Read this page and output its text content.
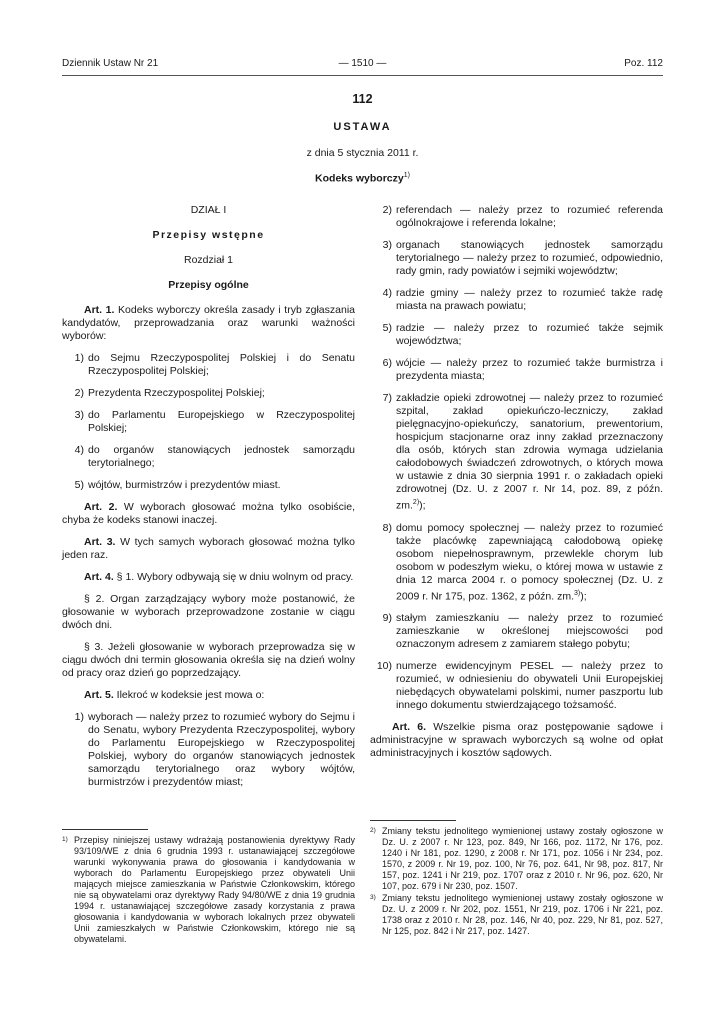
Dziennik Ustaw Nr 21	— 1510 —	Poz. 112
112
USTAWA
z dnia 5 stycznia 2011 r.
Kodeks wyborczy$^{1)}$

DZIAŁ I

Przepisy wstępne

Rozdział 1

Przepisy ogólne

Art. 1. Kodeks wyborczy określa zasady i tryb zgłaszania kandydatów, przeprowadzania oraz warunki ważności wyborów:

1) do Sejmu Rzeczypospolitej Polskiej i do Senatu Rzeczypospolitej Polskiej;
2) Prezydenta Rzeczypospolitej Polskiej;
3) do Parlamentu Europejskiego w Rzeczypospolitej Polskiej;
4) do organów stanowiących jednostek samorządu terytorialnego;
5) wójtów, burmistrzów i prezydentów miast.

Art. 2. W wyborach głosować można tylko osobiście, chyba że kodeks stanowi inaczej.

Art. 3. W tych samych wyborach głosować można tylko jeden raz.

Art. 4. § 1. Wybory odbywają się w dniu wolnym od pracy.

§ 2. Organ zarządzający wybory może postanowić, że głosowanie w wyborach przeprowadzone zostanie w ciągu dwóch dni.

§ 3. Jeżeli głosowanie w wyborach przeprowadza się w ciągu dwóch dni termin głosowania określa się na dzień wolny od pracy oraz dzień go poprzedzający.

Art. 5. Ilekroć w kodeksie jest mowa o:

1) wyborach — należy przez to rozumieć wybory do Sejmu i do Senatu, wybory Prezydenta Rzeczypospolitej, wybory do Parlamentu Europejskiego w Rzeczypospolitej Polskiej, wybory do organów stanowiących jednostek samorządu terytorialnego oraz wybory wójtów, burmistrzów i prezydentów miast;
2) referendach — należy przez to rozumieć referenda ogólnokrajowe i referenda lokalne;
3) organach stanowiących jednostek samorządu terytorialnego — należy przez to rozumieć, odpowiednio, rady gmin, rady powiatów i sejmiki województw;
4) radzie gminy — należy przez to rozumieć także radę miasta na prawach powiatu;
5) radzie — należy przez to rozumieć także sejmik województwa;
6) wójcie — należy przez to rozumieć także burmistrza i prezydenta miasta;
7) zakładzie opieki zdrowotnej — należy przez to rozumieć szpital, zakład opiekuńczo-leczniczy, zakład pielęgnacyjno-opiekuńczy, sanatorium, prewentorium, hospicjum stacjonarne oraz inny zakład przeznaczony dla osób, których stan zdrowia wymaga udzielania całodobowych świadczeń zdrowotnych, o których mowa w ustawie z dnia 30 sierpnia 1991 r. o zakładach opieki zdrowotnej (Dz. U. z 2007 r. Nr 14, poz. 89, z późn. zm.$^{2)}$);
8) domu pomocy społecznej — należy przez to rozumieć także placówkę zapewniającą całodobową opiekę osobom niepełnosprawnym, przewlekle chorym lub osobom w podeszłym wieku, o której mowa w ustawie z dnia 12 marca 2004 r. o pomocy społecznej (Dz. U. z 2009 r. Nr 175, poz. 1362, z późn. zm.$^{3)}$);
9) stałym zamieszkaniu — należy przez to rozumieć zamieszkanie w określonej miejscowości pod oznaczonym adresem z zamiarem stałego pobytu;
10) numerze ewidencyjnym PESEL — należy przez to rozumieć, w odniesieniu do obywateli Unii Europejskiej niebędących obywatelami polskimi, numer paszportu lub innego dokumentu stwierdzającego tożsamość.

Art. 6. Wszelkie pisma oraz postępowanie sądowe i administracyjne w sprawach wyborczych są wolne od opłat administracyjnych i kosztów sądowych.

1) Przepisy niniejszej ustawy wdrażają postanowienia dyrektywy Rady 93/109/WE z dnia 6 grudnia 1993 r. ustanawiającej szczegółowe warunki wykonywania prawa do głosowania i kandydowania w wyborach do Parlamentu Europejskiego przez obywateli Unii mających miejsce zamieszkania w Państwie Członkowskim, którego nie są obywatelami oraz dyrektywy Rady 94/80/WE z dnia 19 grudnia 1994 r. ustanawiającej szczegółowe zasady korzystania z prawa głosowania i kandydowania w wyborach lokalnych przez obywateli Unii zamieszkałych w Państwie Członkowskim, którego nie są obywatelami.
2) Zmiany tekstu jednolitego wymienionej ustawy zostały ogłoszone w Dz. U. z 2007 r. Nr 123, poz. 849, Nr 166, poz. 1172, Nr 176, poz. 1240 i Nr 181, poz. 1290, z 2008 r. Nr 171, poz. 1056 i Nr 234, poz. 1570, z 2009 r. Nr 19, poz. 100, Nr 76, poz. 641, Nr 98, poz. 817, Nr 157, poz. 1241 i Nr 219, poz. 1707 oraz z 2010 r. Nr 96, poz. 620, Nr 107, poz. 679 i Nr 230, poz. 1507.
3) Zmiany tekstu jednolitego wymienionej ustawy zostały ogłoszone w Dz. U. z 2009 r. Nr 202, poz. 1551, Nr 219, poz. 1706 i Nr 221, poz. 1738 oraz z 2010 r. Nr 28, poz. 146, Nr 40, poz. 229, Nr 81, poz. 527, Nr 125, poz. 842 i Nr 217, poz. 1427.
